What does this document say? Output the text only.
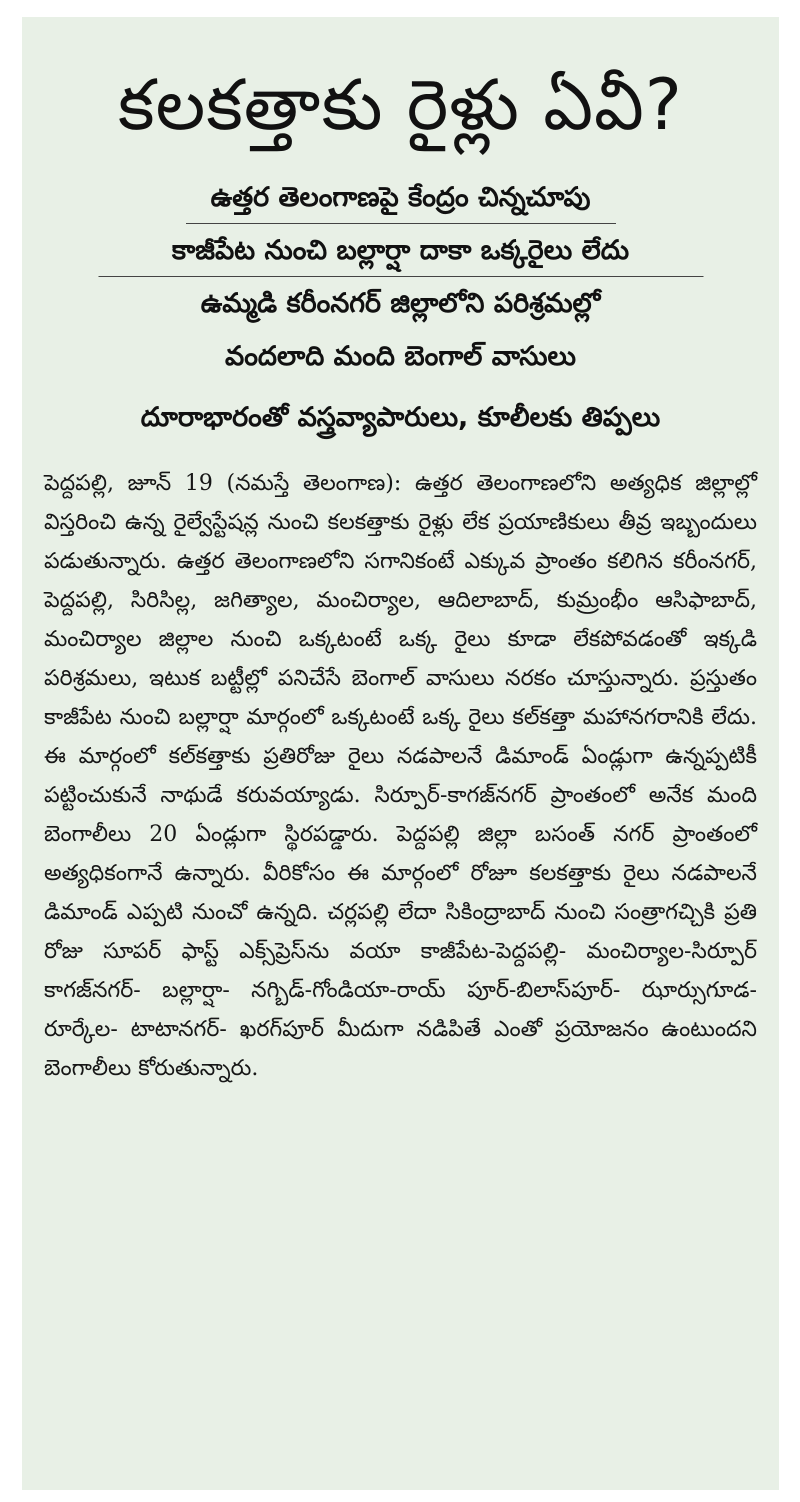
కలకత్తాకు రైళ్లు ఏవీ?
ఉత్తర తెలంగాణపై కేంద్రం చిన్నచూపు
కాజీపేట నుంచి బల్లార్షా దాకా ఒక్కరైలు లేదు
ఉమ్మడి కరీంనగర్ జిల్లాలోని పరిశ్రమల్లో
వందలాది మంది బెంగాల్ వాసులు
దూరాభారంతో వస్త్రవ్యాపారులు, కూలీలకు తిప్పలు

పెద్దపల్లి, జూన్ 19 (నమస్తే తెలంగాణ): ఉత్తర తెలంగాణలోని అత్యధిక జిల్లాల్లో విస్తరించి ఉన్న రైల్వేస్టేషన్ల నుంచి కలకత్తాకు రైళ్లు లేక ప్రయాణికులు తీవ్ర ఇబ్బందులు పడుతున్నారు. ఉత్తర తెలంగాణలోని సగానికంటే ఎక్కువ ప్రాంతం కలిగిన కరీంనగర్, పెద్దపల్లి, సిరిసిల్ల, జగిత్యాల, మంచిర్యాల, ఆదిలాబాద్, కుమ్రంభీం ఆసిఫాబాద్, మంచిర్యాల జిల్లాల నుంచి ఒక్కటంటే ఒక్క రైలు కూడా లేకపోవడంతో ఇక్కడి పరిశ్రమలు, ఇటుక బట్టీల్లో పనిచేసే బెంగాల్ వాసులు నరకం చూస్తున్నారు. ప్రస్తుతం కాజీపేట నుంచి బల్లార్షా మార్గంలో ఒక్కటంటే ఒక్క రైలు కల్‌కత్తా మహానగరానికి లేదు. ఈ మార్గంలో కల్‌కత్తాకు ప్రతిరోజు రైలు నడపాలనే డిమాండ్ ఏండ్లుగా ఉన్నప్పటికీ పట్టించుకునే నాథుడే కరువయ్యాడు. సిర్పూర్-కాగజ్‌నగర్ ప్రాంతంలో అనేక మంది బెంగాలీలు 20 ఏండ్లుగా స్థిరపడ్డారు. పెద్దపల్లి జిల్లా బసంత్ నగర్ ప్రాంతంలో అత్యధికంగానే ఉన్నారు. వీరికోసం ఈ మార్గంలో రోజూ కలకత్తాకు రైలు నడపాలనే డిమాండ్ ఎప్పటి నుంచో ఉన్నది. చర్లపల్లి లేదా సికింద్రాబాద్ నుంచి సంత్రాగచ్చికి ప్రతి రోజు సూపర్ ఫాస్ట్ ఎక్స్‌ప్రెస్‌ను వయా కాజీపేట-పెద్దపల్లి- మంచిర్యాల-సిర్పూర్ కాగజ్‌నగర్- బల్లార్షా- నగ్బిడ్-గోండియా-రాయ్ పూర్-బిలాస్‌పూర్- ఝార్సుగూడ- రూర్కేల- టాటానగర్- ఖరగ్‌పూర్ మీదుగా నడిపితే ఎంతో ప్రయోజనం ఉంటుందని బెంగాలీలు కోరుతున్నారు.
